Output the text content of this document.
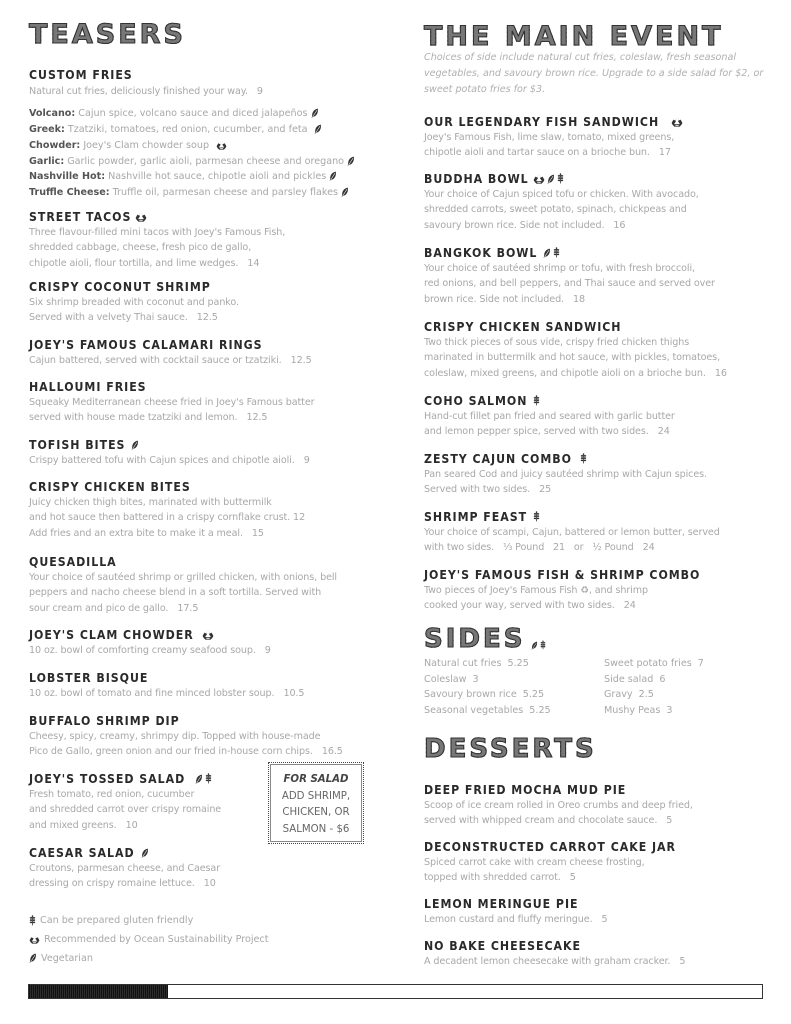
TEASERS
CUSTOM FRIES
Natural cut fries, deliciously finished your way. 9
Volcano: Cajun spice, volcano sauce and diced jalapeños
Greek: Tzatziki, tomatoes, red onion, cucumber, and feta
Chowder: Joey's Clam chowder soup
Garlic: Garlic powder, garlic aioli, parmesan cheese and oregano
Nashville Hot: Nashville hot sauce, chipotle aioli and pickles
Truffle Cheese: Truffle oil, parmesan cheese and parsley flakes
STREET TACOS
Three flavour-filled mini tacos with Joey's Famous Fish,
shredded cabbage, cheese, fresh pico de gallo,
chipotle aioli, flour tortilla, and lime wedges. 14
CRISPY COCONUT SHRIMP
Six shrimp breaded with coconut and panko.
Served with a velvety Thai sauce. 12.5
JOEY'S FAMOUS CALAMARI RINGS
Cajun battered, served with cocktail sauce or tzatziki. 12.5
HALLOUMI FRIES
Squeaky Mediterranean cheese fried in Joey's Famous batter
served with house made tzatziki and lemon. 12.5
TOFISH BITES
Crispy battered tofu with Cajun spices and chipotle aioli. 9
CRISPY CHICKEN BITES
Juicy chicken thigh bites, marinated with buttermilk
and hot sauce then battered in a crispy cornflake crust. 12
Add fries and an extra bite to make it a meal. 15
QUESADILLA
Your choice of sautéed shrimp or grilled chicken, with onions, bell
peppers and nacho cheese blend in a soft tortilla. Served with
sour cream and pico de gallo. 17.5
JOEY'S CLAM CHOWDER
10 oz. bowl of comforting creamy seafood soup. 9
LOBSTER BISQUE
10 oz. bowl of tomato and fine minced lobster soup. 10.5
BUFFALO SHRIMP DIP
Cheesy, spicy, creamy, shrimpy dip. Topped with house-made
Pico de Gallo, green onion and our fried in-house corn chips. 16.5
JOEY'S TOSSED SALAD
Fresh tomato, red onion, cucumber
and shredded carrot over crispy romaine
and mixed greens. 10
CAESAR SALAD
Croutons, parmesan cheese, and Caesar
dressing on crispy romaine lettuce. 10
Can be prepared gluten friendly
Recommended by Ocean Sustainability Project
Vegetarian
FOR SALAD
ADD SHRIMP,
CHICKEN, OR
SALMON - $6
THE MAIN EVENT
Choices of side include natural cut fries, coleslaw, fresh seasonal vegetables, and savoury brown rice. Upgrade to a side salad for $2, or sweet potato fries for $3.
OUR LEGENDARY FISH SANDWICH
Joey's Famous Fish, lime slaw, tomato, mixed greens,
chipotle aioli and tartar sauce on a brioche bun. 17
BUDDHA BOWL
Your choice of Cajun spiced tofu or chicken. With avocado,
shredded carrots, sweet potato, spinach, chickpeas and
savoury brown rice. Side not included. 16
BANGKOK BOWL
Your choice of sautéed shrimp or tofu, with fresh broccoli,
red onions, and bell peppers, and Thai sauce and served over
brown rice. Side not included. 18
CRISPY CHICKEN SANDWICH
Two thick pieces of sous vide, crispy fried chicken thighs
marinated in buttermilk and hot sauce, with pickles, tomatoes,
coleslaw, mixed greens, and chipotle aioli on a brioche bun. 16
COHO SALMON
Hand-cut fillet pan fried and seared with garlic butter
and lemon pepper spice, served with two sides. 24
ZESTY CAJUN COMBO
Pan seared Cod and juicy sautéed shrimp with Cajun spices.
Served with two sides. 25
SHRIMP FEAST
Your choice of scampi, Cajun, battered or lemon butter, served
with two sides.   ⅓ Pound   21   or   ½ Pound 24
JOEY'S FAMOUS FISH & SHRIMP COMBO
Two pieces of Joey's Famous Fish ♻, and shrimp
cooked your way, served with two sides. 24
SIDES
Natural cut fries 5.25	Sweet potato fries 7
Coleslaw 3	Side salad 6
Savoury brown rice 5.25	Gravy 2.5
Seasonal vegetables 5.25	Mushy Peas 3
DESSERTS
DEEP FRIED MOCHA MUD PIE
Scoop of ice cream rolled in Oreo crumbs and deep fried,
served with whipped cream and chocolate sauce. 5
DECONSTRUCTED CARROT CAKE JAR
Spiced carrot cake with cream cheese frosting,
topped with shredded carrot. 5
LEMON MERINGUE PIE
Lemon custard and fluffy meringue. 5
NO BAKE CHEESECAKE
A decadent lemon cheesecake with graham cracker. 5
